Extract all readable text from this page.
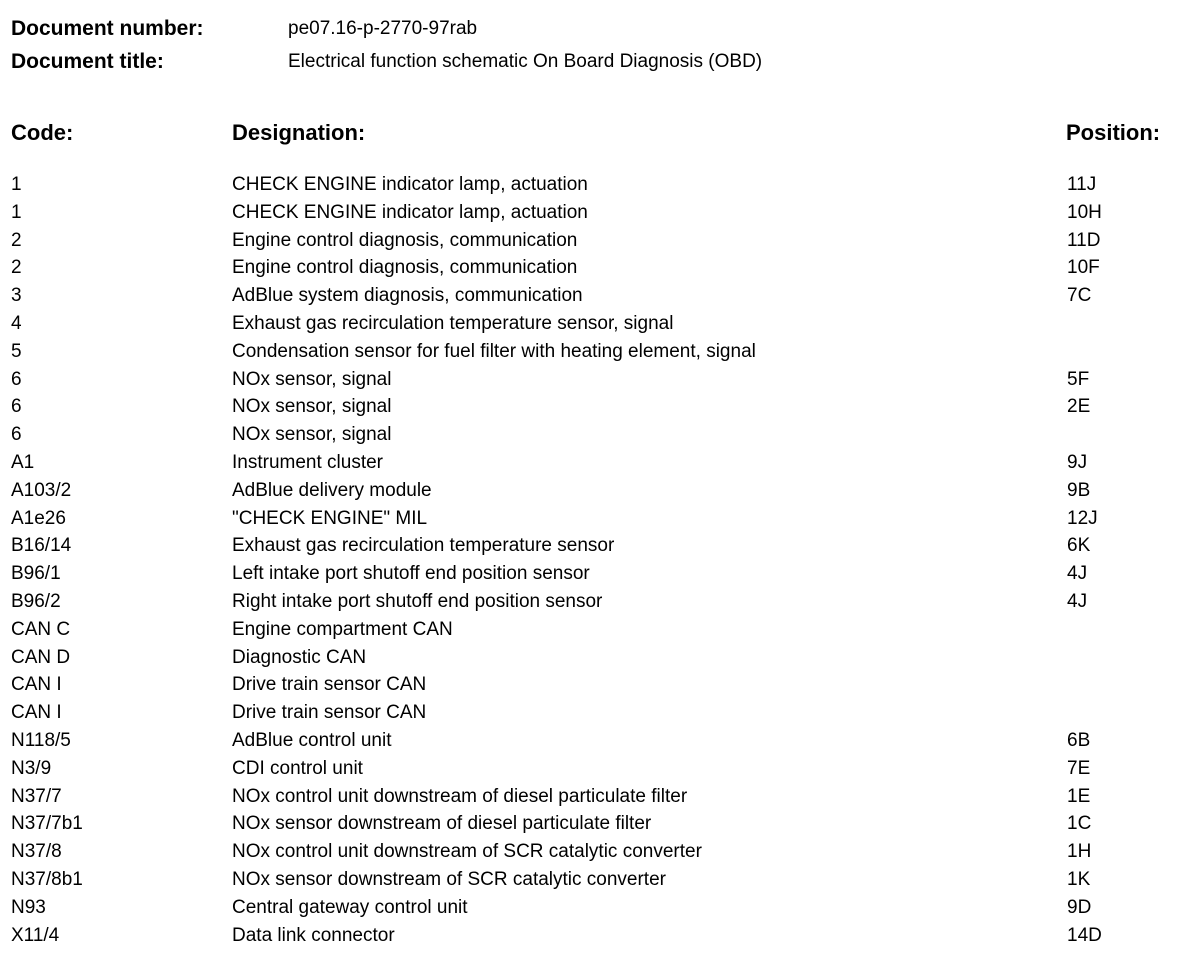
Document number:	pe07.16-p-2770-97rab
Document title:	Electrical function schematic On Board Diagnosis (OBD)
Code:	Designation:	Position:
1	CHECK ENGINE indicator lamp, actuation	11J
1	CHECK ENGINE indicator lamp, actuation	10H
2	Engine control diagnosis, communication	11D
2	Engine control diagnosis, communication	10F
3	AdBlue system diagnosis, communication	7C
4	Exhaust gas recirculation temperature sensor, signal
5	Condensation sensor for fuel filter with heating element, signal
6	NOx sensor, signal	5F
6	NOx sensor, signal	2E
6	NOx sensor, signal
A1	Instrument cluster	9J
A103/2	AdBlue delivery module	9B
A1e26	"CHECK ENGINE" MIL	12J
B16/14	Exhaust gas recirculation temperature sensor	6K
B96/1	Left intake port shutoff end position sensor	4J
B96/2	Right intake port shutoff end position sensor	4J
CAN C	Engine compartment CAN
CAN D	Diagnostic CAN
CAN I	Drive train sensor CAN
CAN I	Drive train sensor CAN
N118/5	AdBlue control unit	6B
N3/9	CDI control unit	7E
N37/7	NOx control unit downstream of diesel particulate filter	1E
N37/7b1	NOx sensor downstream of diesel particulate filter	1C
N37/8	NOx control unit downstream of SCR catalytic converter	1H
N37/8b1	NOx sensor downstream of SCR catalytic converter	1K
N93	Central gateway control unit	9D
X11/4	Data link connector	14D
